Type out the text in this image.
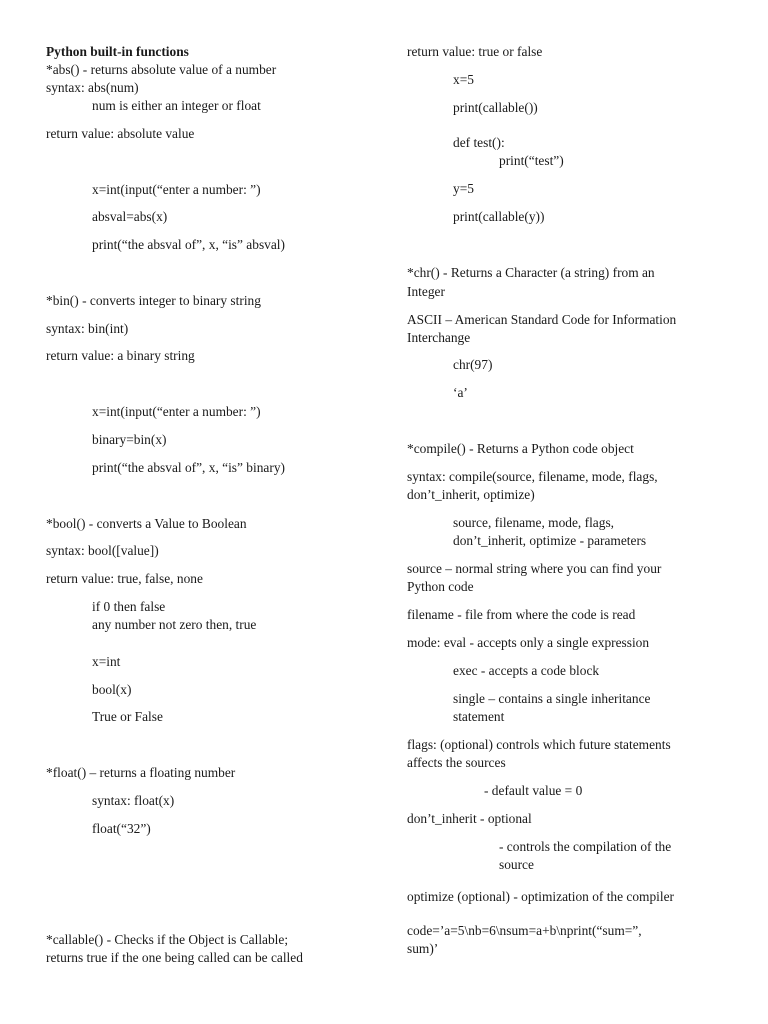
Python built-in functions

*abs() - returns absolute value of a number

syntax: abs(num)

num is either an integer or float

return value: absolute value

x=int(input(“enter a number: ”)

absval=abs(x)

print(“the absval of”, x, “is” absval)

*bin() - converts integer to binary string

syntax: bin(int)

return value: a binary string

x=int(input(“enter a number: ”)

binary=bin(x)

print(“the absval of”, x, “is” binary)

*bool() - converts a Value to Boolean

syntax: bool([value])

return value: true, false, none

if 0 then false

any number not zero then, true

x=int

bool(x)

True or False

*float() – returns a floating number

syntax: float(x)

float(“32”)

*callable() - Checks if the Object is Callable;

returns true if the one being called can be called

return value: true or false

x=5

print(callable())

def test():

print(“test”)

y=5

print(callable(y))

*chr() - Returns a Character (a string) from an

Integer

ASCII – American Standard Code for Information

Interchange

chr(97)

‘a’

*compile() - Returns a Python code object

syntax: compile(source, filename, mode, flags,

don’t_inherit, optimize)

source, filename, mode, flags,

don’t_inherit, optimize - parameters

source – normal string where you can find your

Python code

filename - file from where the code is read

mode: eval - accepts only a single expression

exec - accepts a code block

single – contains a single inheritance

statement

flags: (optional) controls which future statements

affects the sources

- default value = 0

don’t_inherit - optional

- controls the compilation of the

source

optimize (optional) - optimization of the compiler

code=’a=5\nb=6\nsum=a+b\nprint(“sum=”,

sum)’
